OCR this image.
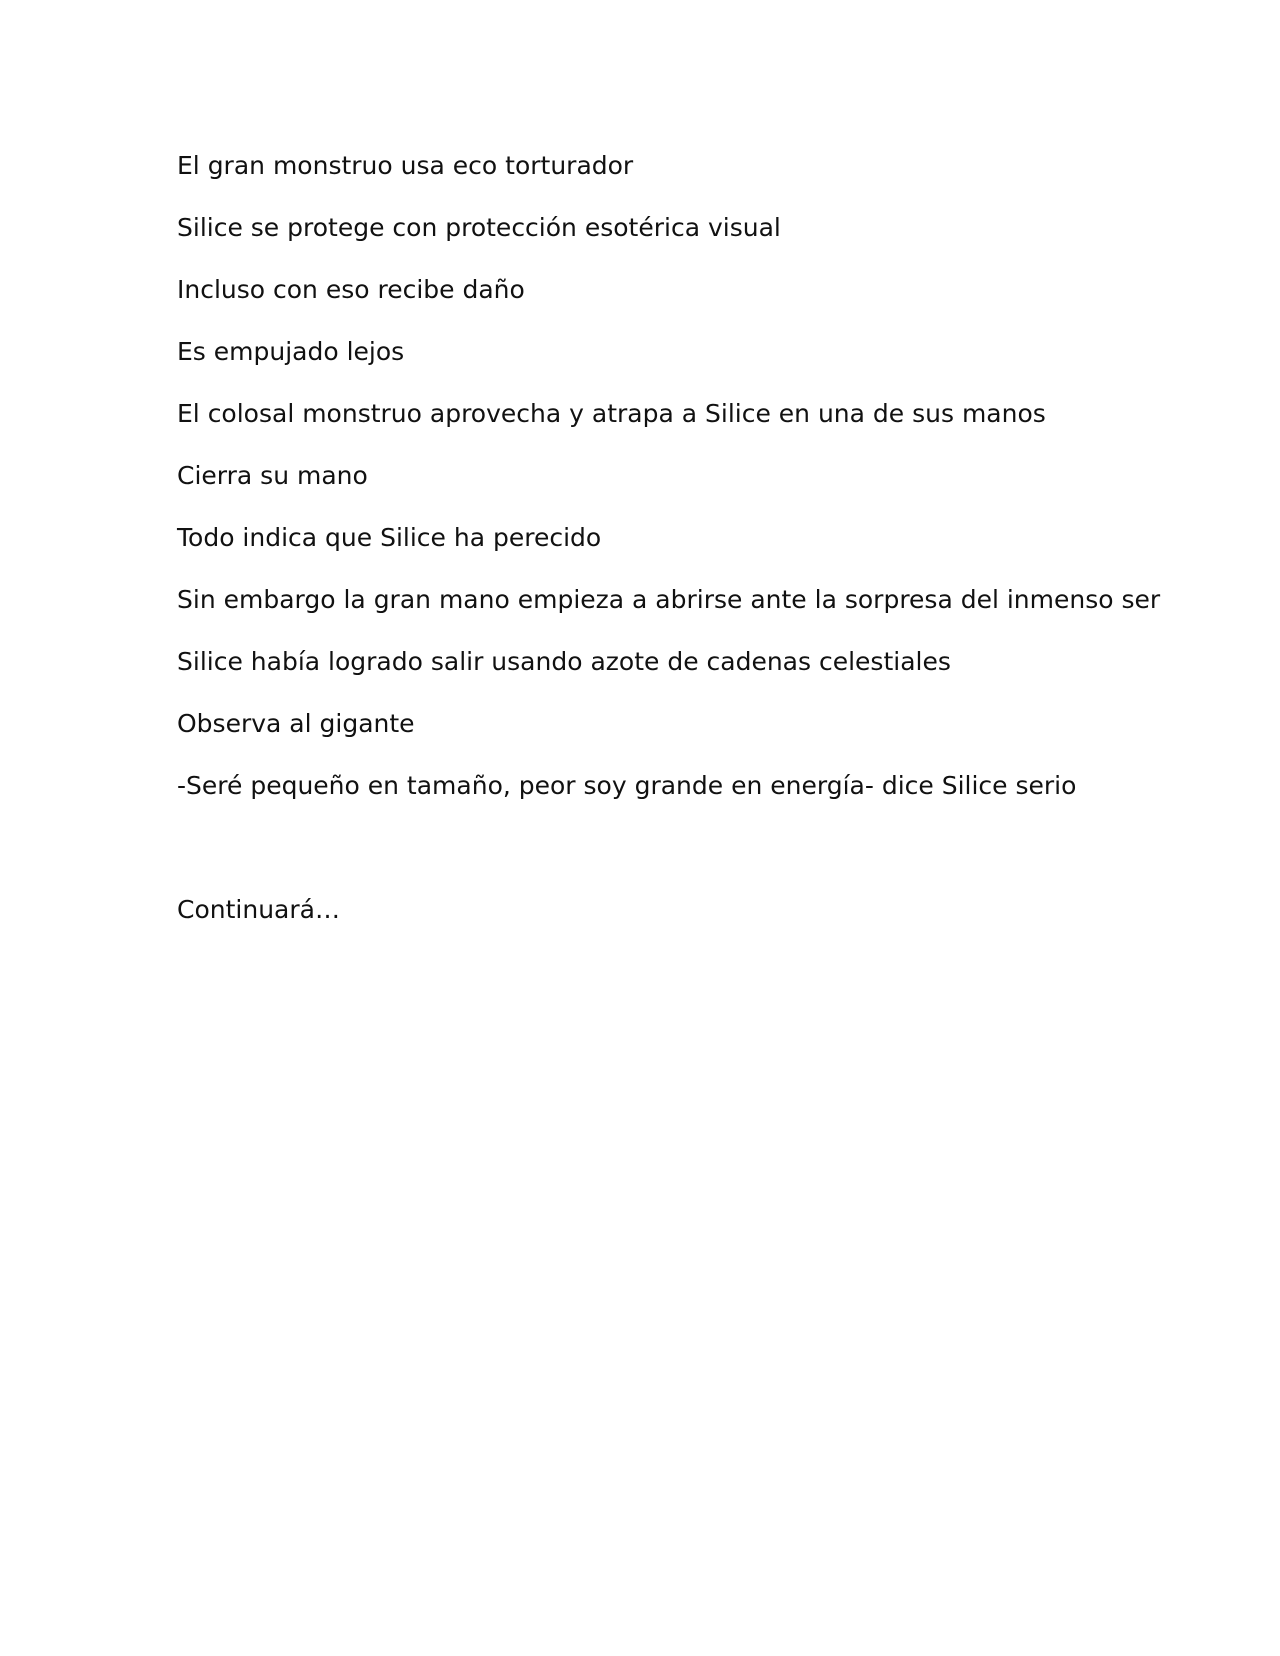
El gran monstruo usa eco torturador

Silice se protege con protección esotérica visual

Incluso con eso recibe daño

Es empujado lejos

El colosal monstruo aprovecha y atrapa a Silice en una de sus manos

Cierra su mano

Todo indica que Silice ha perecido

Sin embargo la gran mano empieza a abrirse ante la sorpresa del inmenso ser

Silice había logrado salir usando azote de cadenas celestiales

Observa al gigante

-Seré pequeño en tamaño, peor soy grande en energía- dice Silice serio

Continuará…
